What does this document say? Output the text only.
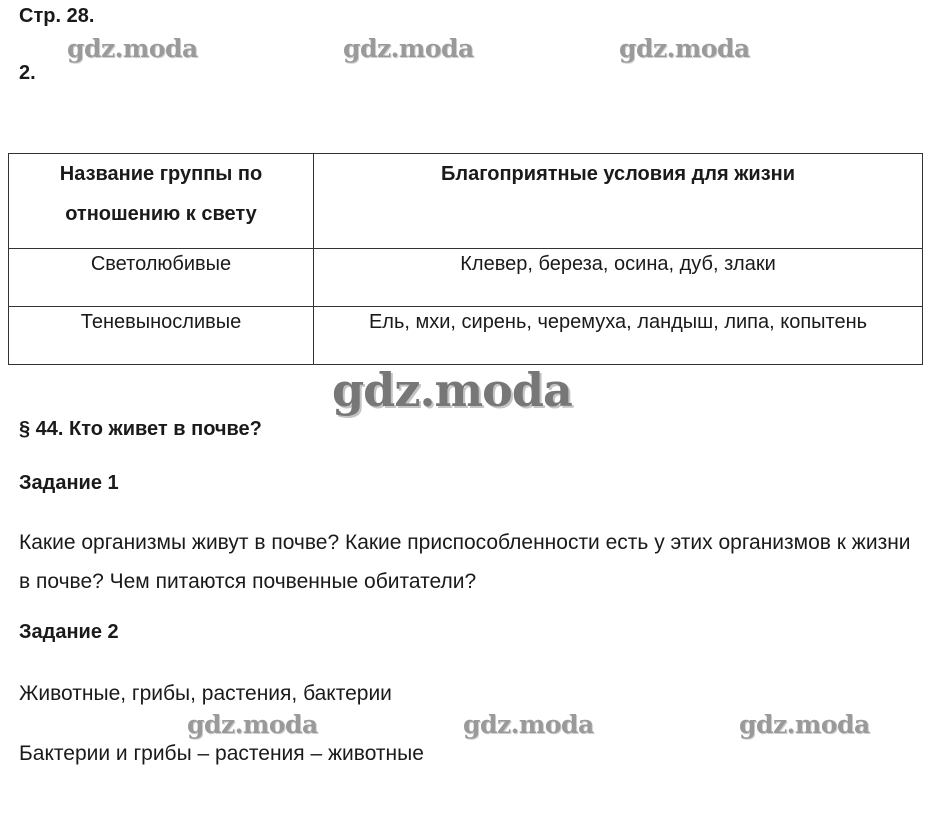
Стр. 28.
2.
gdz.moda	gdz.moda	gdz.moda
Название группы по
отношению к свету	Благоприятные условия для жизни
Светолюбивые	Клевер, береза, осина, дуб, злаки
Теневыносливые	Ель, мхи, сирень, черемуха, ландыш, липа, копытень
gdz.moda
§ 44. Кто живет в почве?
Задание 1
Какие организмы живут в почве? Какие приспособленности есть у этих организмов к жизни в почве? Чем питаются почвенные обитатели?
Задание 2
Животные, грибы, растения, бактерии
gdz.moda	gdz.moda	gdz.moda
Бактерии и грибы – растения – животные
